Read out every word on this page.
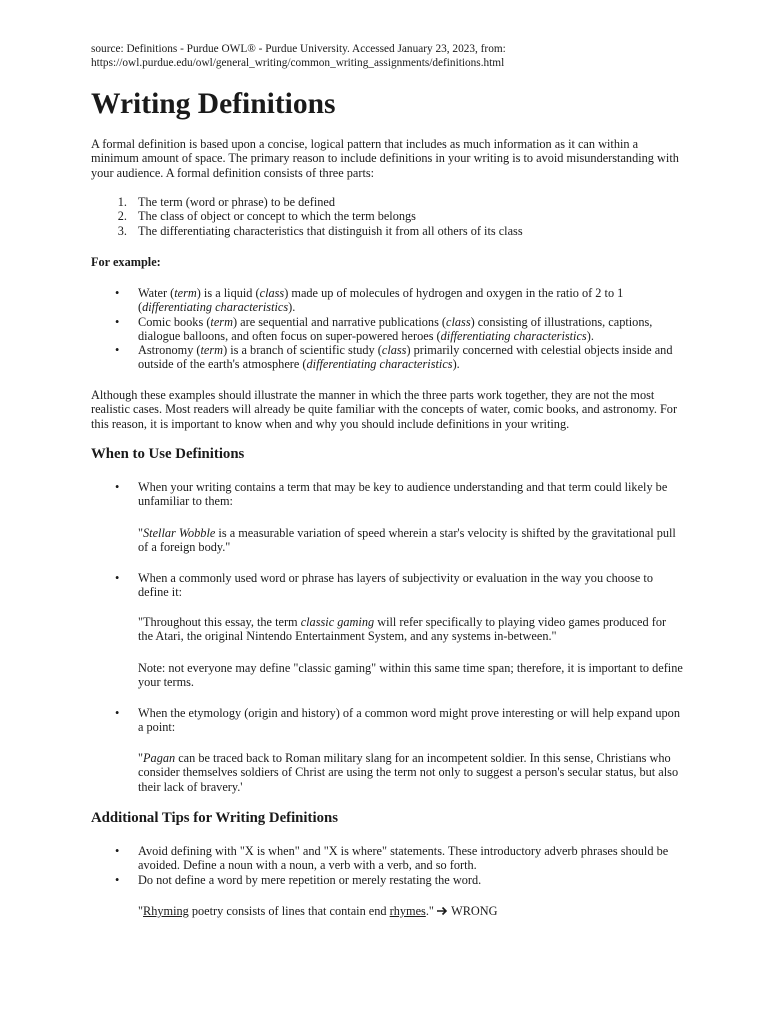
source: Definitions - Purdue OWL® - Purdue University. Accessed January 23, 2023, from:
https://owl.purdue.edu/owl/general_writing/common_writing_assignments/definitions.html
Writing Definitions
A formal definition is based upon a concise, logical pattern that includes as much information as it can within a minimum amount of space. The primary reason to include definitions in your writing is to avoid misunderstanding with your audience. A formal definition consists of three parts:
1. The term (word or phrase) to be defined
2. The class of object or concept to which the term belongs
3. The differentiating characteristics that distinguish it from all others of its class
For example:
• Water (term) is a liquid (class) made up of molecules of hydrogen and oxygen in the ratio of 2 to 1 (differentiating characteristics).
• Comic books (term) are sequential and narrative publications (class) consisting of illustrations, captions, dialogue balloons, and often focus on super-powered heroes (differentiating characteristics).
• Astronomy (term) is a branch of scientific study (class) primarily concerned with celestial objects inside and outside of the earth's atmosphere (differentiating characteristics).
Although these examples should illustrate the manner in which the three parts work together, they are not the most realistic cases. Most readers will already be quite familiar with the concepts of water, comic books, and astronomy. For this reason, it is important to know when and why you should include definitions in your writing.
When to Use Definitions
• When your writing contains a term that may be key to audience understanding and that term could likely be unfamiliar to them:
"Stellar Wobble is a measurable variation of speed wherein a star's velocity is shifted by the gravitational pull of a foreign body."
• When a commonly used word or phrase has layers of subjectivity or evaluation in the way you choose to define it:
"Throughout this essay, the term classic gaming will refer specifically to playing video games produced for the Atari, the original Nintendo Entertainment System, and any systems in-between."
Note: not everyone may define "classic gaming" within this same time span; therefore, it is important to define your terms.
• When the etymology (origin and history) of a common word might prove interesting or will help expand upon a point:
"Pagan can be traced back to Roman military slang for an incompetent soldier. In this sense, Christians who consider themselves soldiers of Christ are using the term not only to suggest a person's secular status, but also their lack of bravery.'
Additional Tips for Writing Definitions
• Avoid defining with "X is when" and "X is where" statements. These introductory adverb phrases should be avoided. Define a noun with a noun, a verb with a verb, and so forth.
• Do not define a word by mere repetition or merely restating the word.
"Rhyming poetry consists of lines that contain end rhymes." WRONG
